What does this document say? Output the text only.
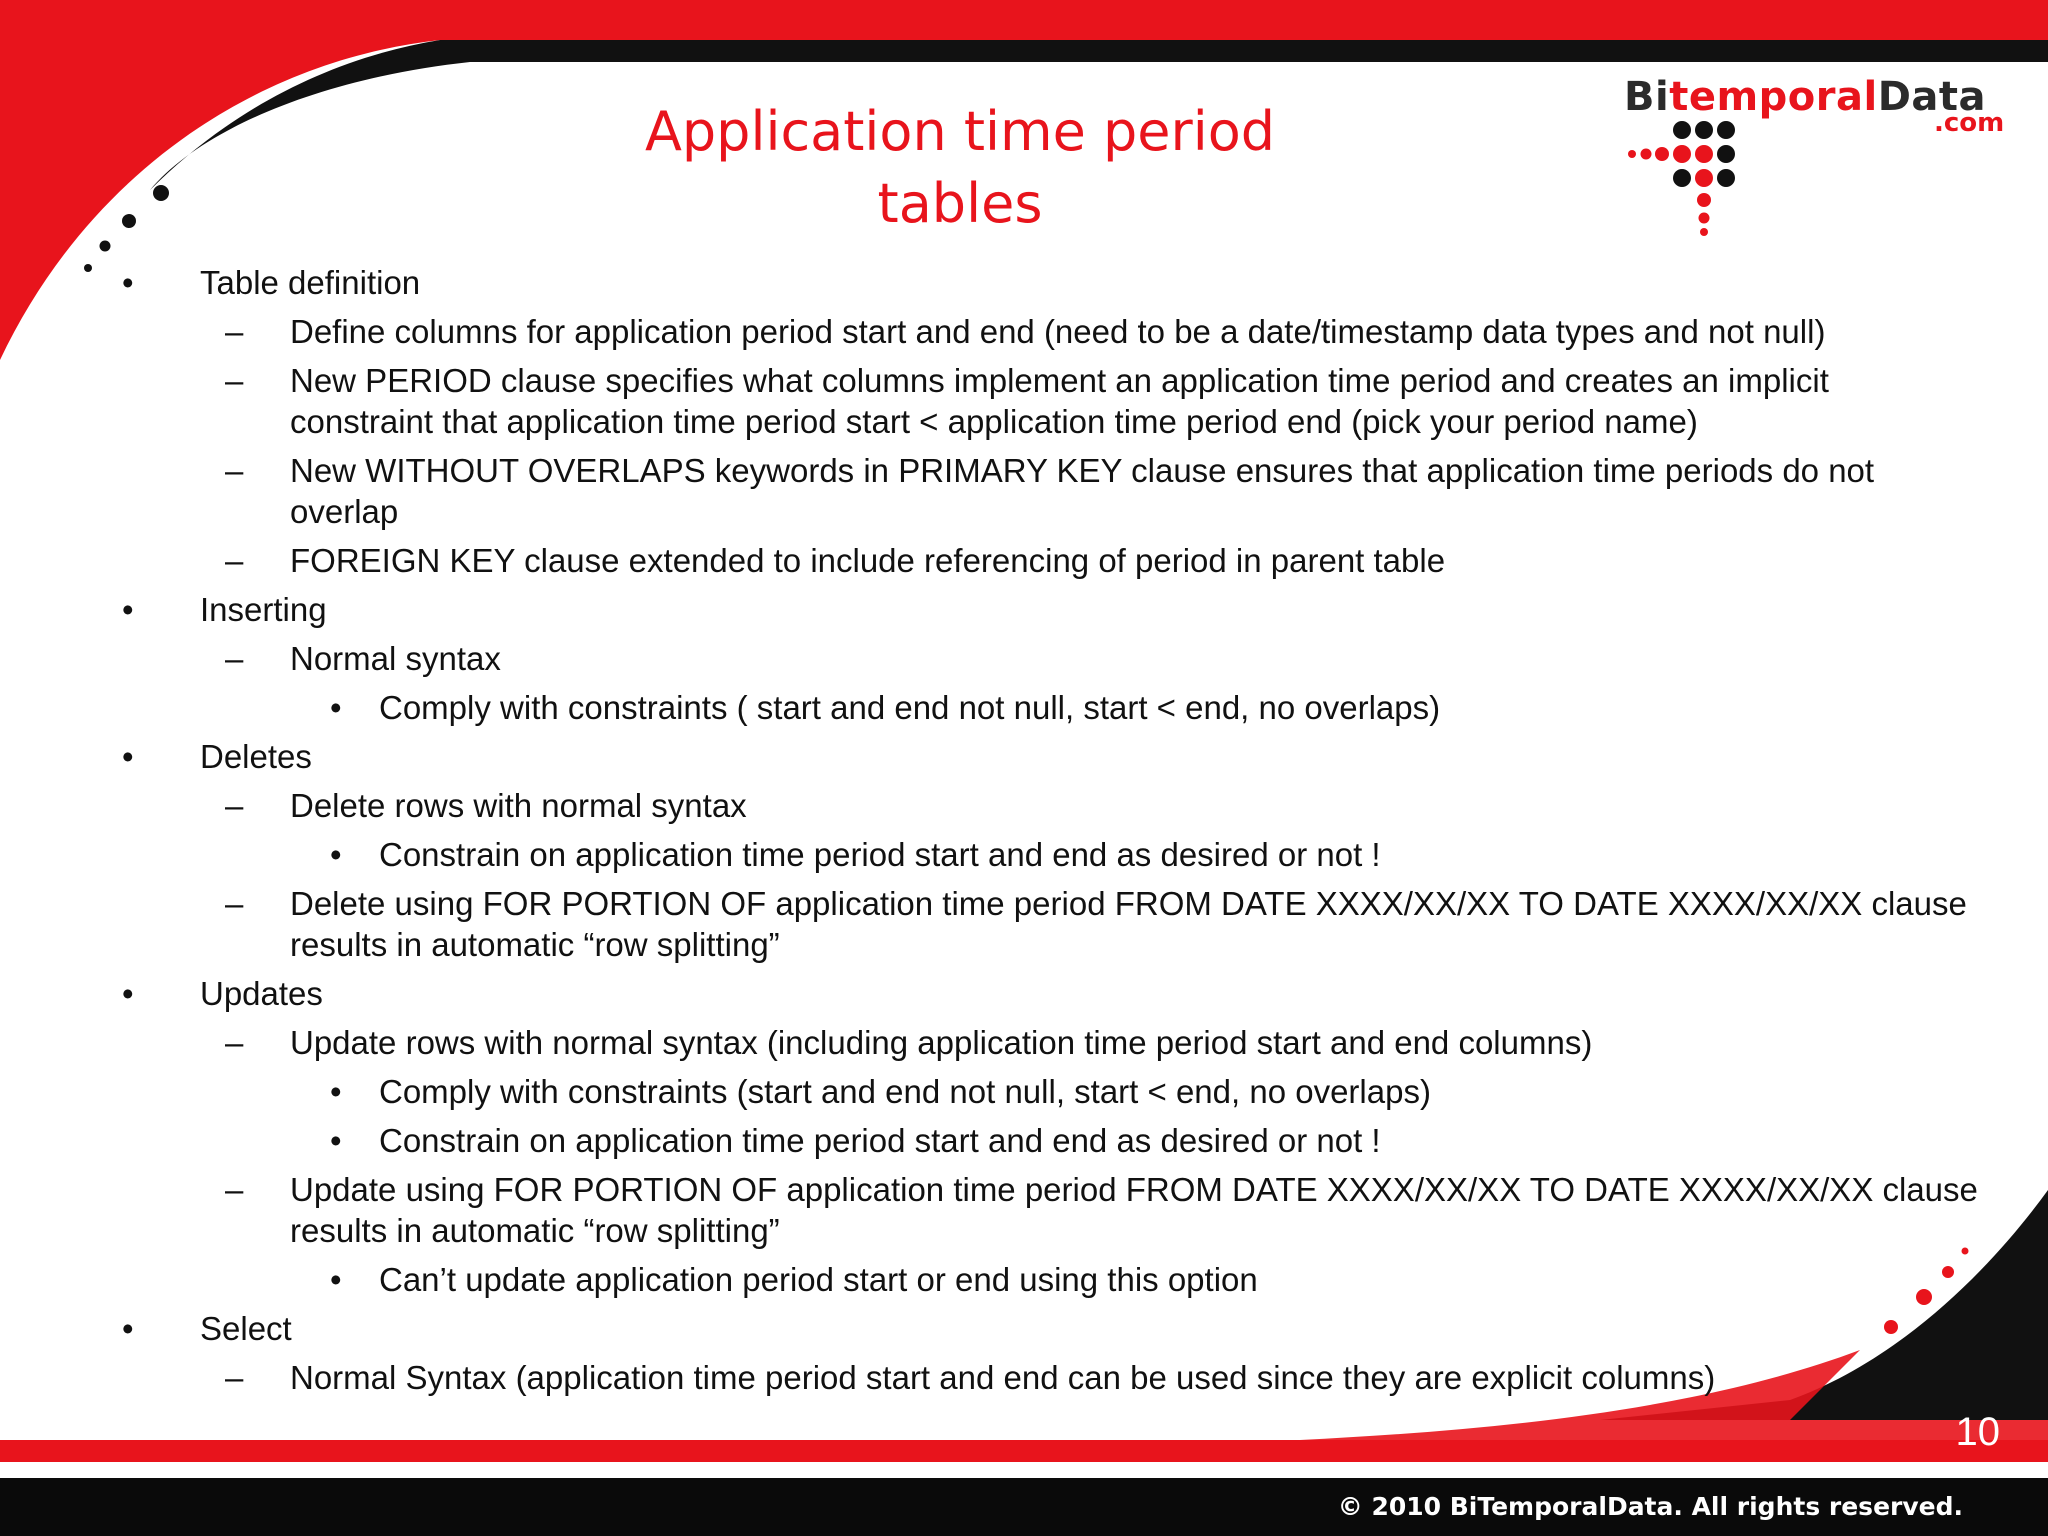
Application time period tables
BitemporalData
.com
• Table definition
– Define columns for application period start and end (need to be a date/timestamp data types and not null)
– New PERIOD clause specifies what columns implement an application time period and creates an implicit constraint that application time period start < application time period end (pick your period name)
– New WITHOUT OVERLAPS keywords in PRIMARY KEY clause ensures that application time periods do not overlap
– FOREIGN KEY clause extended to include referencing of period in parent table
• Inserting
– Normal syntax
• Comply with constraints ( start and end not null, start < end, no overlaps)
• Deletes
– Delete rows with normal syntax
• Constrain on application time period start and end as desired or not !
– Delete using FOR PORTION OF application time period FROM DATE XXXX/XX/XX TO DATE XXXX/XX/XX clause results in automatic “row splitting”
• Updates
– Update rows with normal syntax (including application time period start and end columns)
• Comply with constraints (start and end not null, start < end, no overlaps)
• Constrain on application time period start and end as desired or not !
– Update using FOR PORTION OF application time period FROM DATE XXXX/XX/XX TO DATE XXXX/XX/XX clause results in automatic “row splitting”
• Can’t update application period start or end using this option
• Select
– Normal Syntax (application time period start and end can be used since they are explicit columns)
10
© 2010 BiTemporalData. All rights reserved.
